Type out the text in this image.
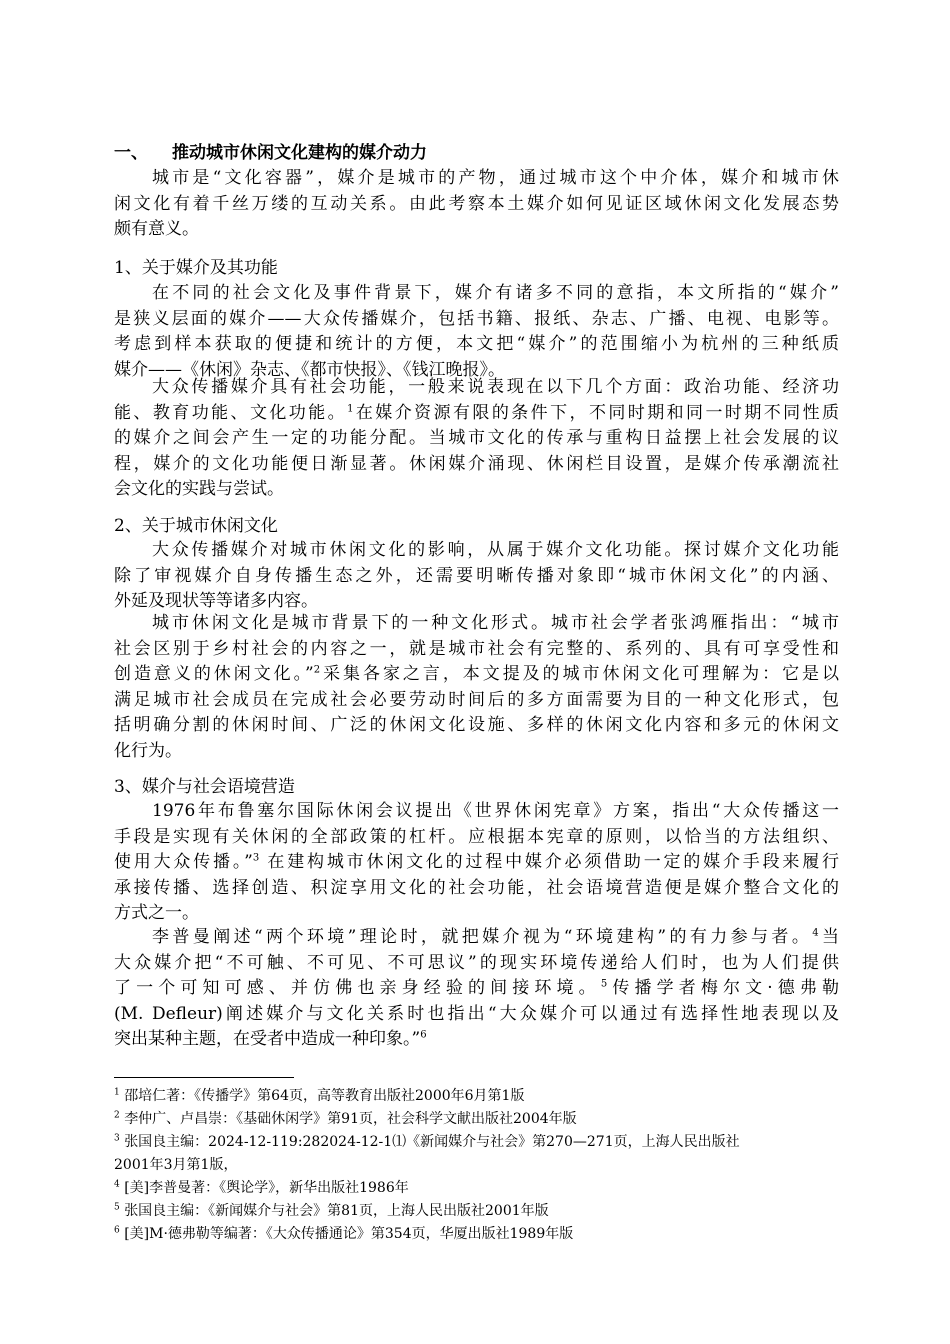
一、 推动城市休闲文化建构的媒介动力
城市是“文化容器”，媒介是城市的产物，通过城市这个中介体，媒介和城市休
闲文化有着千丝万缕的互动关系。由此考察本土媒介如何见证区域休闲文化发展态势
颇有意义。
1、关于媒介及其功能
在不同的社会文化及事件背景下，媒介有诸多不同的意指，本文所指的“媒介”
是狭义层面的媒介——大众传播媒介，包括书籍、报纸、杂志、广播、电视、电影等。
考虑到样本获取的便捷和统计的方便，本文把“媒介”的范围缩小为杭州的三种纸质
媒介——《休闲》杂志、《都市快报》、《钱江晚报》。
大众传播媒介具有社会功能，一般来说表现在以下几个方面：政治功能、经济功
能、教育功能、文化功能。$^1$在媒介资源有限的条件下，不同时期和同一时期不同性质
的媒介之间会产生一定的功能分配。当城市文化的传承与重构日益摆上社会发展的议
程，媒介的文化功能便日渐显著。休闲媒介涌现、休闲栏目设置，是媒介传承潮流社
会文化的实践与尝试。
2、关于城市休闲文化
大众传播媒介对城市休闲文化的影响，从属于媒介文化功能。探讨媒介文化功能
除了审视媒介自身传播生态之外，还需要明晰传播对象即“城市休闲文化”的内涵、
外延及现状等等诸多内容。
城市休闲文化是城市背景下的一种文化形式。城市社会学者张鸿雁指出：“城市
社会区别于乡村社会的内容之一，就是城市社会有完整的、系列的、具有可享受性和
创造意义的休闲文化。”$^2$采集各家之言，本文提及的城市休闲文化可理解为：它是以
满足城市社会成员在完成社会必要劳动时间后的多方面需要为目的一种文化形式，包
括明确分割的休闲时间、广泛的休闲文化设施、多样的休闲文化内容和多元的休闲文
化行为。
3、媒介与社会语境营造
1976年布鲁塞尔国际休闲会议提出《世界休闲宪章》方案，指出“大众传播这一
手段是实现有关休闲的全部政策的杠杆。应根据本宪章的原则，以恰当的方法组织、
使用大众传播。”$^3$ 在建构城市休闲文化的过程中媒介必须借助一定的媒介手段来履行
承接传播、选择创造、积淀享用文化的社会功能，社会语境营造便是媒介整合文化的
方式之一。
李普曼阐述“两个环境”理论时，就把媒介视为“环境建构”的有力参与者。$^4$当
大众媒介把“不可触、不可见、不可思议”的现实环境传递给人们时，也为人们提供
了一个可知可感、并仿佛也亲身经验的间接环境。$^5$传播学者梅尔文·德弗勒
(M. Defleur)阐述媒介与文化关系时也指出“大众媒介可以通过有选择性地表现以及
突出某种主题，在受者中造成一种印象。”$^6$
$^1$ 邵培仁著：《传播学》第64页，高等教育出版社2000年6月第1版
$^2$ 李仲广、卢昌崇：《基础休闲学》第91页，社会科学文献出版社2004年版
$^3$ 张国良主编：2024-12-119:282024-12-1⑴《新闻媒介与社会》第270—271页，上海人民出版社
2001年3月第1版，
$^4$ [美]李普曼著：《舆论学》，新华出版社1986年
$^5$ 张国良主编：《新闻媒介与社会》第81页，上海人民出版社2001年版
$^6$ [美]M·德弗勒等编著：《大众传播通论》第354页，华厦出版社1989年版
